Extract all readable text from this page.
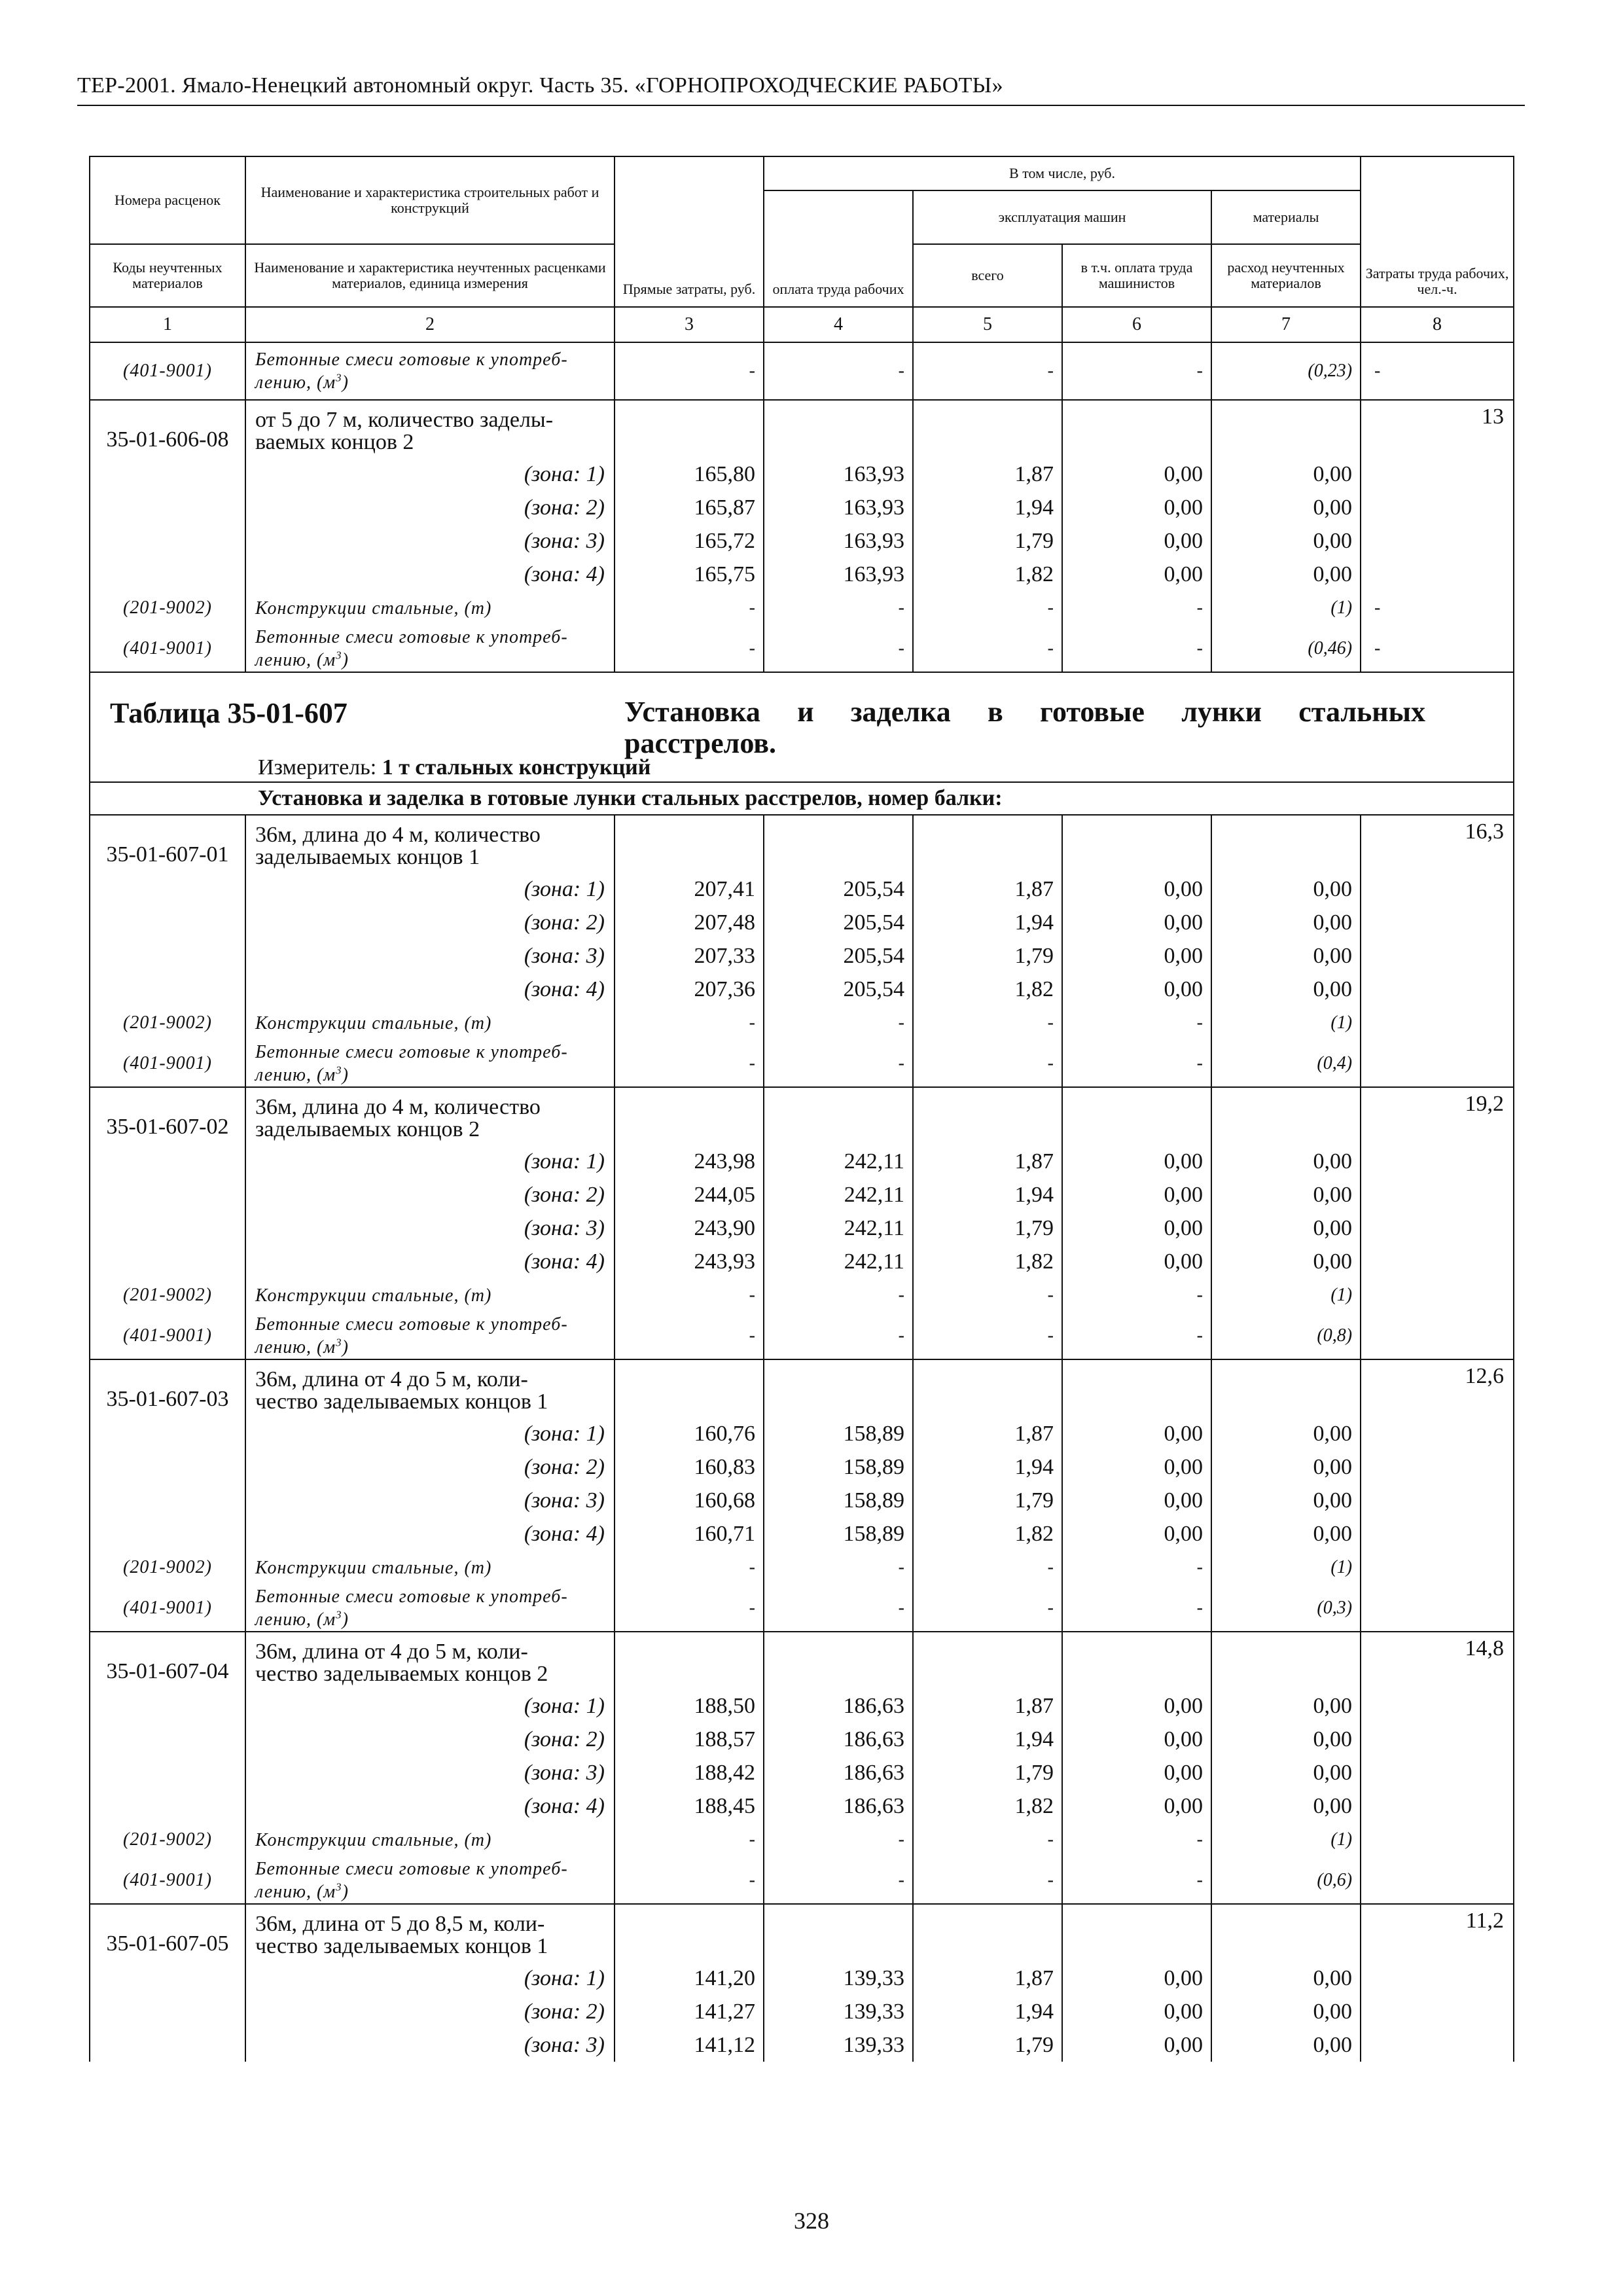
ТЕР-2001. Ямало-Ненецкий автономный округ. Часть 35. «ГОРНОПРОХОДЧЕСКИЕ РАБОТЫ»
Номера расценок	Наименование и характеристика строительных работ и конструкций	Прямые затраты, руб.	В том числе, руб.				Затраты труда рабочих, чел.-ч.
			оплата труда рабочих	эксплуатация машин		материалы	
Коды неучтенных материалов	Наименование и характеристика неучтенных расценками материалов, единица измерения			всего	в т.ч. оплата труда машинистов	расход неучтенных материалов	

1	2	3	4	5	6	7	8
(401-9001)	Бетонные смеси готовые к употреб-
лению, $(м^3)$	-	-	-	-	(0,23)	-
35-01-606-08	от 5 до 7 м, количество заделы-
ваемых концов 2						13
	(зона: 1)	165,80	163,93	1,87	0,00	0,00	
	(зона: 2)	165,87	163,93	1,94	0,00	0,00	
	(зона: 3)	165,72	163,93	1,79	0,00	0,00	
	(зона: 4)	165,75	163,93	1,82	0,00	0,00	
(201-9002)	Конструкции стальные, (т)	-	-	-	-	(1)	-
(401-9001)	Бетонные смеси готовые к употреб-
лению, $(м^3)$	-	-	-	-	(0,46)	-

Таблица 35-01-607 Установка и заделка в готовые лунки стальных
расстрелов.							

Измеритель: 1 т стальных конструкций							
Установка и заделка в готовые лунки стальных расстрелов, номер балки:							
35-01-607-01	36м, длина до 4 м, количество
заделываемых концов 1						16,3
	(зона: 1)	207,41	205,54	1,87	0,00	0,00	
	(зона: 2)	207,48	205,54	1,94	0,00	0,00	
	(зона: 3)	207,33	205,54	1,79	0,00	0,00	
	(зона: 4)	207,36	205,54	1,82	0,00	0,00	
(201-9002)	Конструкции стальные, (т)	-	-	-	-	(1)	
(401-9001)	Бетонные смеси готовые к употреб-
лению, $(м^3)$	-	-	-	-	(0,4)	
35-01-607-02	36м, длина до 4 м, количество
заделываемых концов 2						19,2
	(зона: 1)	243,98	242,11	1,87	0,00	0,00	
	(зона: 2)	244,05	242,11	1,94	0,00	0,00	
	(зона: 3)	243,90	242,11	1,79	0,00	0,00	
	(зона: 4)	243,93	242,11	1,82	0,00	0,00	
(201-9002)	Конструкции стальные, (т)	-	-	-	-	(1)	
(401-9001)	Бетонные смеси готовые к употреб-
лению, $(м^3)$	-	-	-	-	(0,8)	
35-01-607-03	36м, длина от 4 до 5 м, коли-
чество заделываемых концов 1						12,6
	(зона: 1)	160,76	158,89	1,87	0,00	0,00	
	(зона: 2)	160,83	158,89	1,94	0,00	0,00	
	(зона: 3)	160,68	158,89	1,79	0,00	0,00	
	(зона: 4)	160,71	158,89	1,82	0,00	0,00	
(201-9002)	Конструкции стальные, (т)	-	-	-	-	(1)	
(401-9001)	Бетонные смеси готовые к употреб-
лению, $(м^3)$	-	-	-	-	(0,3)	
35-01-607-04	36м, длина от 4 до 5 м, коли-
чество заделываемых концов 2						14,8
	(зона: 1)	188,50	186,63	1,87	0,00	0,00	
	(зона: 2)	188,57	186,63	1,94	0,00	0,00	
	(зона: 3)	188,42	186,63	1,79	0,00	0,00	
	(зона: 4)	188,45	186,63	1,82	0,00	0,00	
(201-9002)	Конструкции стальные, (т)	-	-	-	-	(1)	
(401-9001)	Бетонные смеси готовые к употреб-
лению, $(м^3)$	-	-	-	-	(0,6)	
35-01-607-05	36м, длина от 5 до 8,5 м, коли-
чество заделываемых концов 1						11,2
	(зона: 1)	141,20	139,33	1,87	0,00	0,00	
	(зона: 2)	141,27	139,33	1,94	0,00	0,00	
	(зона: 3)	141,12	139,33	1,79	0,00	0,00	
328
